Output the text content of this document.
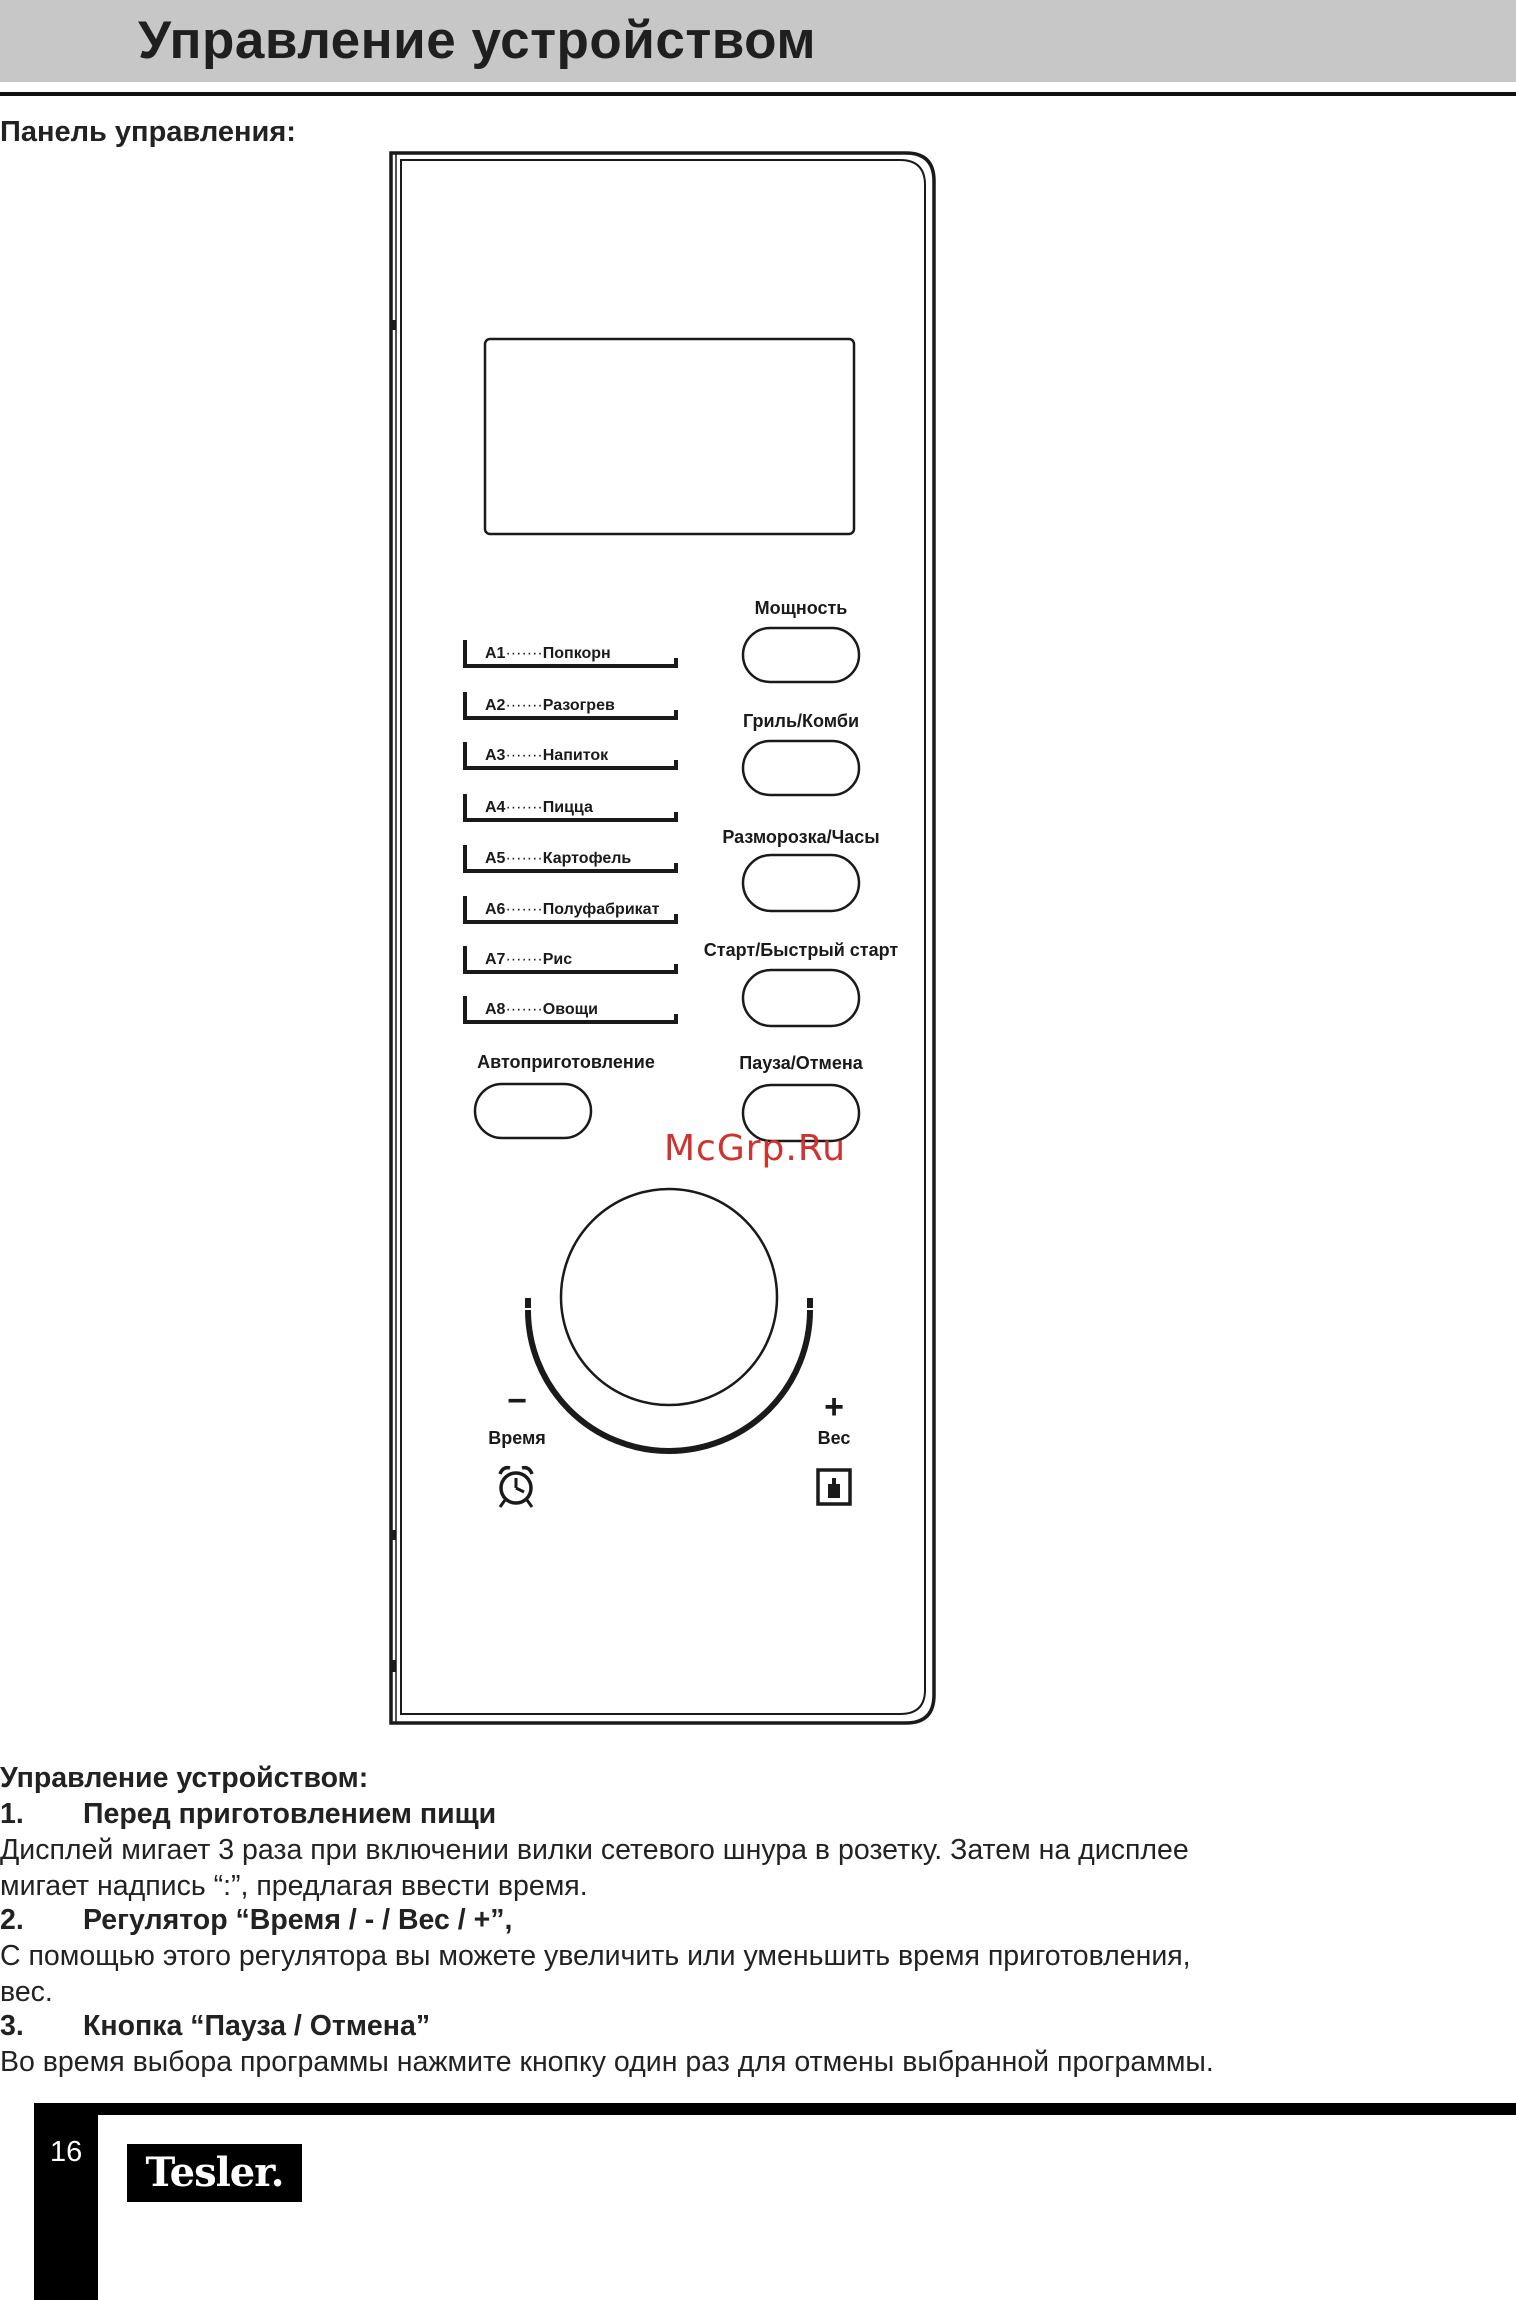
Управление устройством
Панель управления:
A1·······Попкорн
A2·······Разогрев
A3·······Напиток
A4·······Пицца
A5·······Картофель
A6·······Полуфабрикат
A7·······Рис
A8·······Овощи
Мощность
Гриль/Комби
Разморозка/Часы
Старт/Быстрый старт
Пауза/Отмена
Автоприготовление
−	+
Время	Вес
McGrp.Ru
Управление устройством:
1. Перед приготовлением пищи
Дисплей мигает 3 раза при включении вилки сетевого шнура в розетку. Затем на дисплее
мигает надпись “:”, предлагая ввести время.
2. Регулятор “Время / - / Вес / +”,
С помощью этого регулятора вы можете увеличить или уменьшить время приготовления,
вес.
3. Кнопка “Пауза / Отмена”
Во время выбора программы нажмите кнопку один раз для отмены выбранной программы.
16	Tesler.
